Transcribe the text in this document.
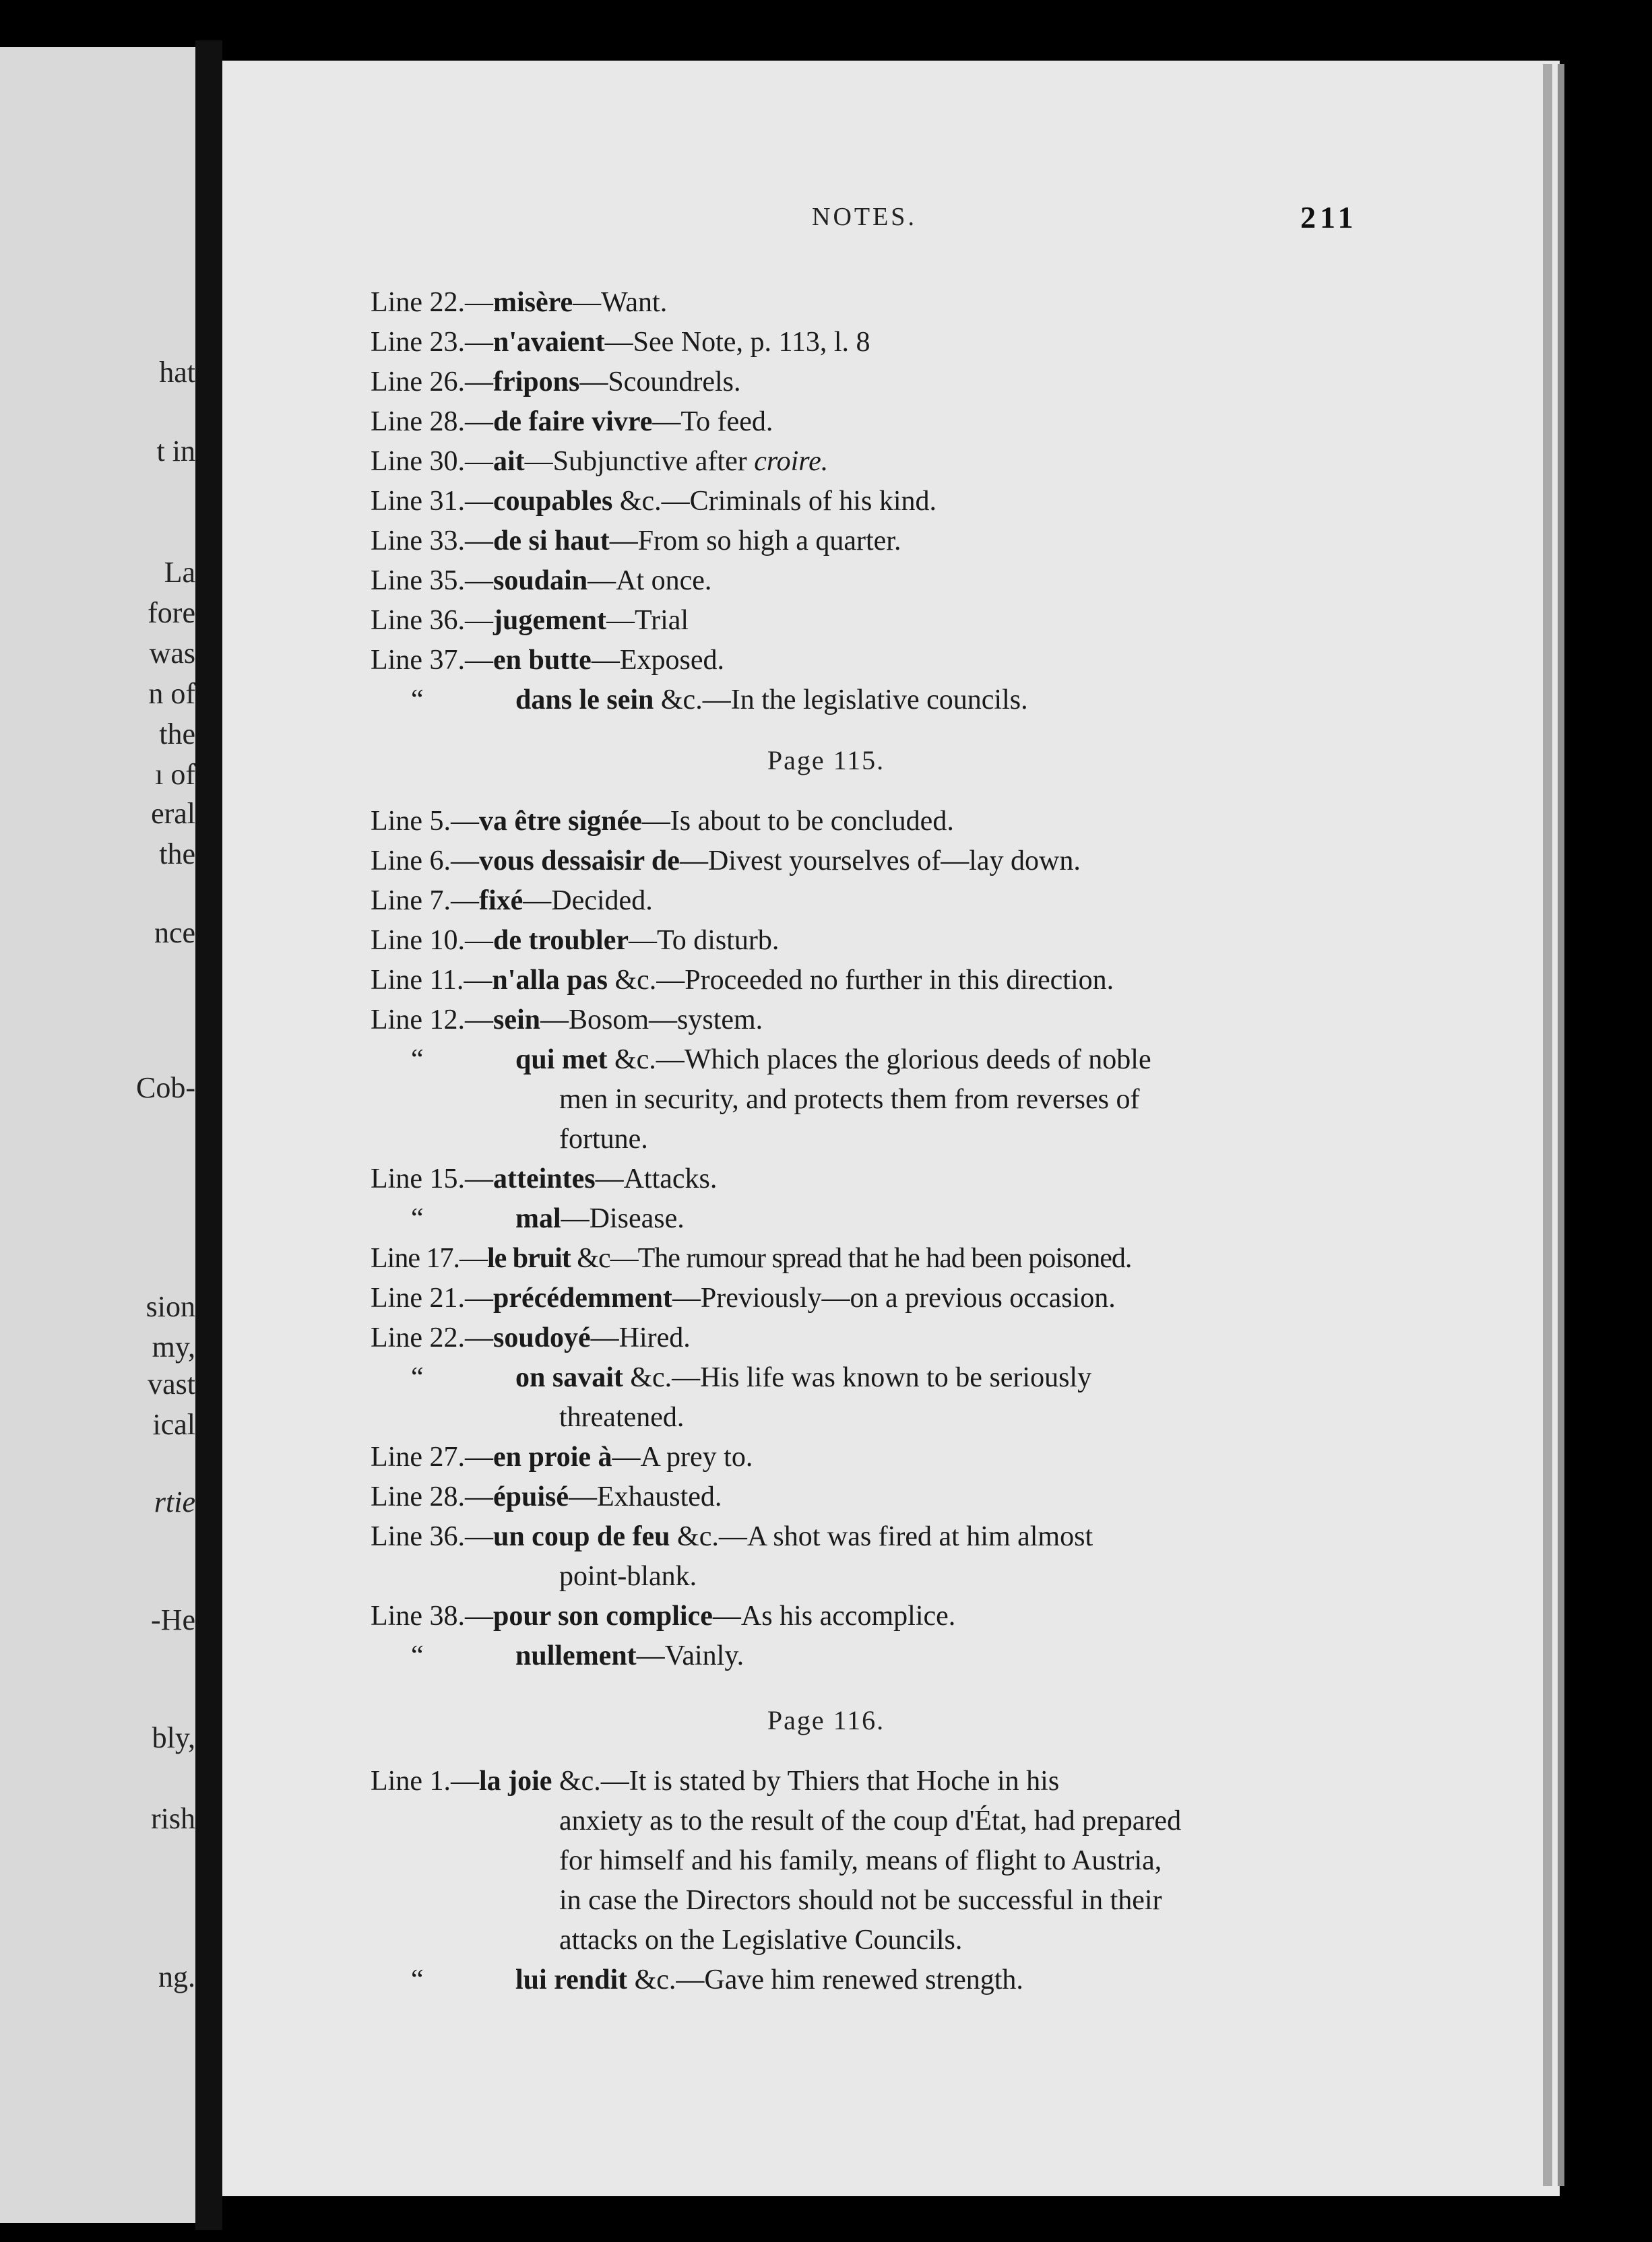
hat
t in
La
fore
was
n of
the
ı of
eral
the
nce
Cob-
sion
my,
vast
ical
rtie
-He
bly,
rish
ng.
NOTES.	211
Line 22.—misère—Want.
Line 23.—n'avaient—See Note, p. 113, l. 8
Line 26.—fripons—Scoundrels.
Line 28.—de faire vivre—To feed.
Line 30.—ait—Subjunctive after croire.
Line 31.—coupables &c.—Criminals of his kind.
Line 33.—de si haut—From so high a quarter.
Line 35.—soudain—At once.
Line 36.—jugement—Trial
Line 37.—en butte—Exposed.
“	dans le sein &c.—In the legislative councils.
Page 115.
Line 5.—va être signée—Is about to be concluded.
Line 6.—vous dessaisir de—Divest yourselves of—lay down.
Line 7.—fixé—Decided.
Line 10.—de troubler—To disturb.
Line 11.—n'alla pas &c.—Proceeded no further in this direction.
Line 12.—sein—Bosom—system.
“	qui met &c.—Which places the glorious deeds of noble
men in security, and protects them from reverses of
fortune.
Line 15.—atteintes—Attacks.
“	mal—Disease.
Line 17.—le bruit &c—The rumour spread that he had been poisoned.
Line 21.—précédemment—Previously—on a previous occasion.
Line 22.—soudoyé—Hired.
“	on savait &c.—His life was known to be seriously
threatened.
Line 27.—en proie à—A prey to.
Line 28.—épuisé—Exhausted.
Line 36.—un coup de feu &c.—A shot was fired at him almost
point-blank.
Line 38.—pour son complice—As his accomplice.
“	nullement—Vainly.
Page 116.
Line 1.—la joie &c.—It is stated by Thiers that Hoche in his
anxiety as to the result of the coup d'État, had prepared
for himself and his family, means of flight to Austria,
in case the Directors should not be successful in their
attacks on the Legislative Councils.
“	lui rendit &c.—Gave him renewed strength.
